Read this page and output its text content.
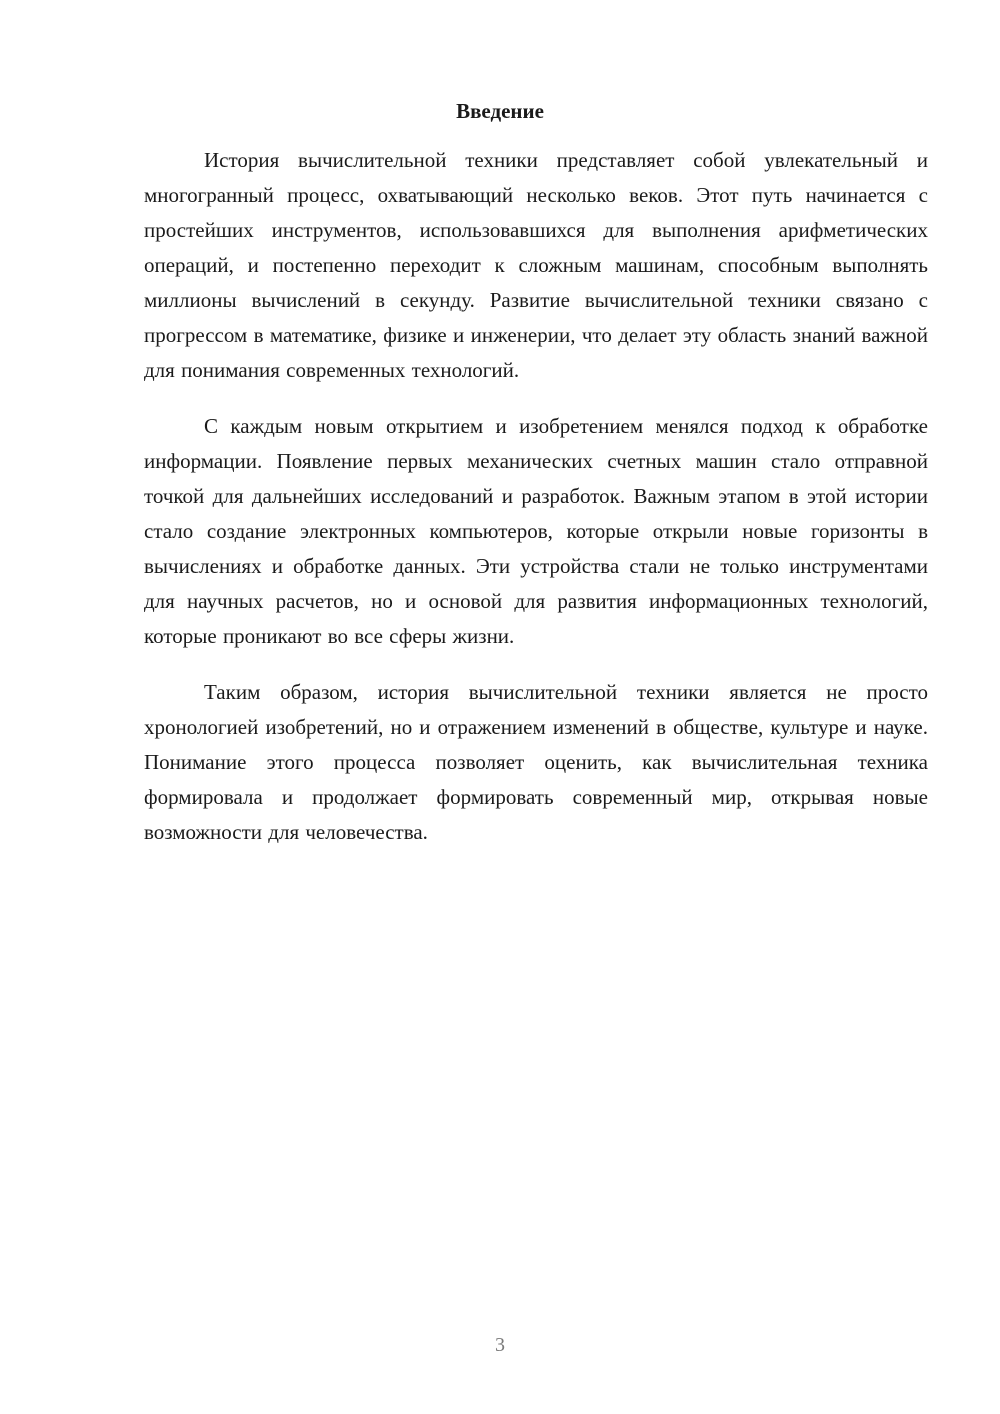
Введение

История вычислительной техники представляет собой увлекательный и многогранный процесс, охватывающий несколько веков. Этот путь начинается с простейших инструментов, использовавшихся для выполнения арифметических операций, и постепенно переходит к сложным машинам, способным выполнять миллионы вычислений в секунду. Развитие вычислительной техники связано с прогрессом в математике, физике и инженерии, что делает эту область знаний важной для понимания современных технологий.

С каждым новым открытием и изобретением менялся подход к обработке информации. Появление первых механических счетных машин стало отправной точкой для дальнейших исследований и разработок. Важным этапом в этой истории стало создание электронных компьютеров, которые открыли новые горизонты в вычислениях и обработке данных. Эти устройства стали не только инструментами для научных расчетов, но и основой для развития информационных технологий, которые проникают во все сферы жизни.

Таким образом, история вычислительной техники является не просто хронологией изобретений, но и отражением изменений в обществе, культуре и науке. Понимание этого процесса позволяет оценить, как вычислительная техника формировала и продолжает формировать современный мир, открывая новые возможности для человечества.

3
